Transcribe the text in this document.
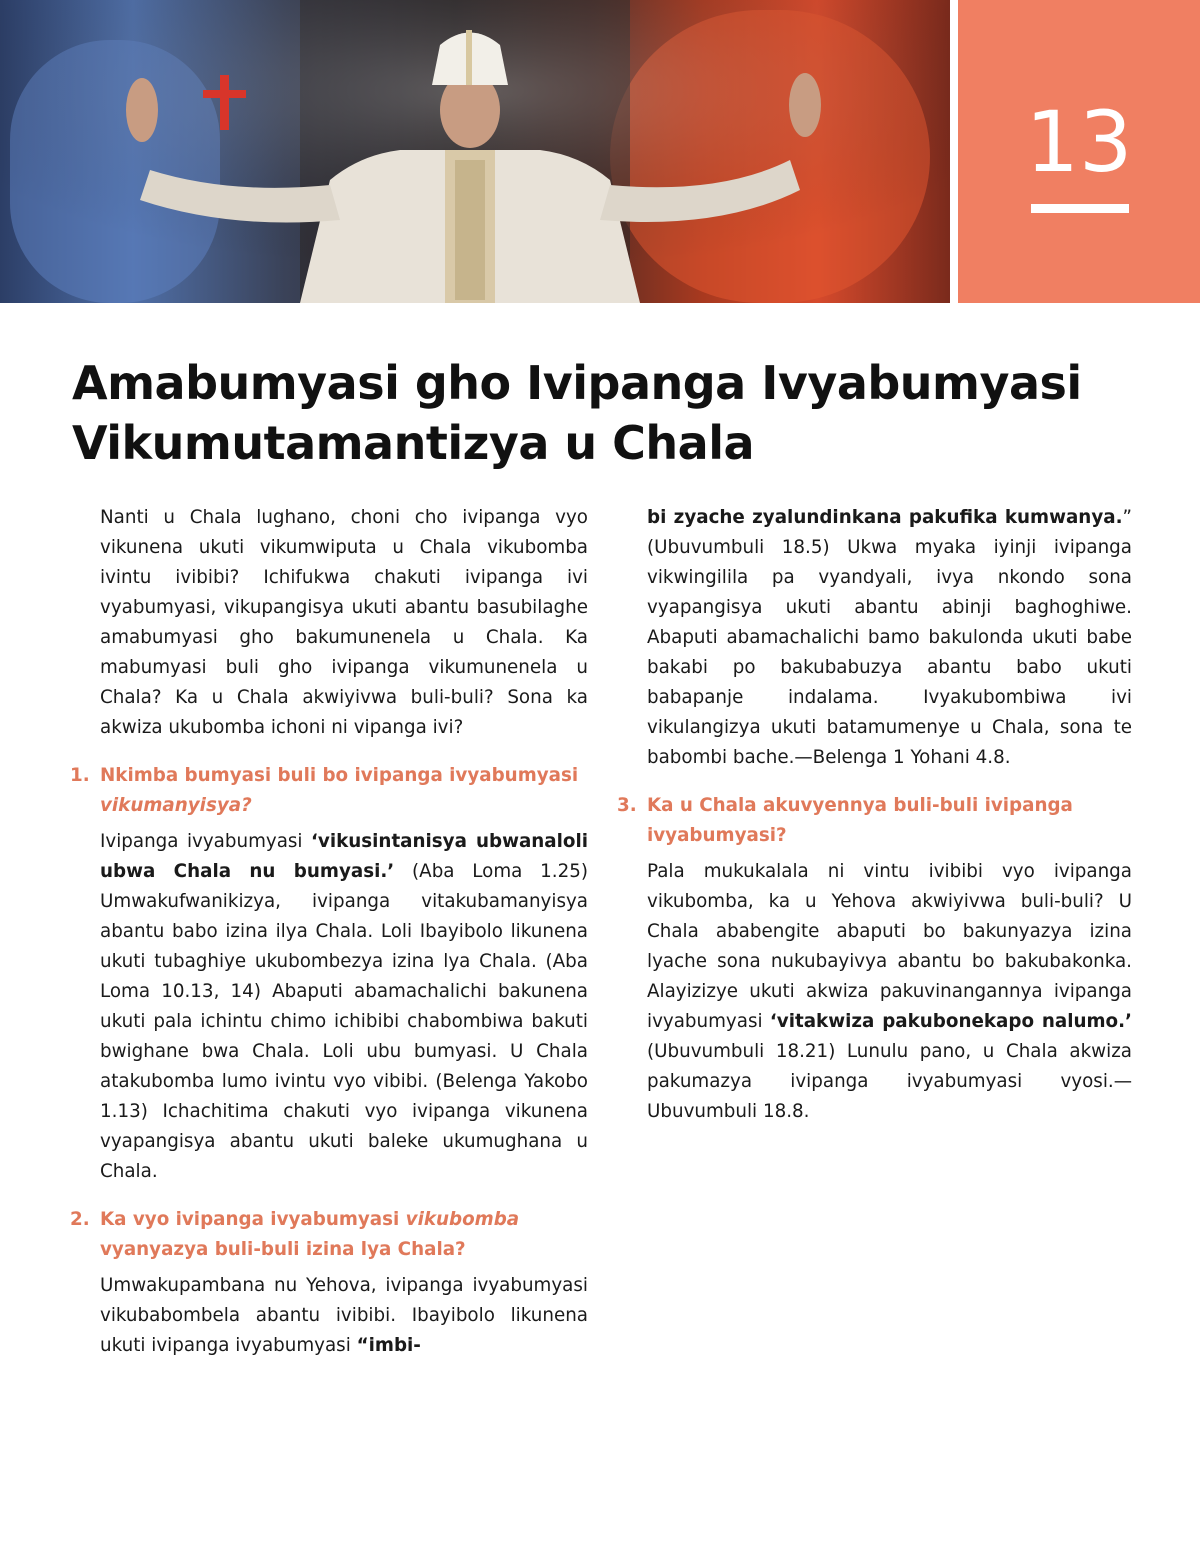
13
Amabumyasi gho Ivipanga Ivyabumyasi
Vikumutamantizya u Chala

Nanti u Chala lughano, choni cho ivipanga vyo vikunena ukuti vikumwiputa u Chala vikubomba ivintu ivibibi? Ichifukwa chakuti ivipanga ivi vyabumyasi, vikupangisya ukuti abantu basubilaghe amabumyasi gho bakumunenela u Chala. Ka mabumyasi buli gho ivipanga vikumunenela u Chala? Ka u Chala akwiyivwa buli-buli? Sona ka akwiza ukubomba ichoni ni vipanga ivi?

1. Nkimba bumyasi buli bo ivipanga ivyabumyasi vikumanyisya?

Ivipanga ivyabumyasi ‘vikusintanisya ubwanaloli ubwa Chala nu bumyasi.’ (Aba Loma 1.25) Umwakufwanikizya, ivipanga vitakubamanyisya abantu babo izina ilya Chala. Loli Ibayibolo likunena ukuti tubaghiye ukubombezya izina lya Chala. (Aba Loma 10.13, 14) Abaputi abamachalichi bakunena ukuti pala ichintu chimo ichibibi chabombiwa bakuti bwighane bwa Chala. Loli ubu bumyasi. U Chala atakubomba lumo ivintu vyo vibibi. (Belenga Yakobo 1.13) Ichachitima chakuti vyo ivipanga vikunena vyapangisya abantu ukuti baleke ukumughana u Chala.

2. Ka vyo ivipanga ivyabumyasi vikubomba vyanyazya buli-buli izina lya Chala?

Umwakupambana nu Yehova, ivipanga ivyabumyasi vikubabombela abantu ivibibi. Ibayibolo likunena ukuti ivipanga ivyabumyasi “imbi-

bi zyache zyalundinkana pakufika kumwanya.” (Ubuvumbuli 18.5) Ukwa myaka iyinji ivipanga vikwingilila pa vyandyali, ivya nkondo sona vyapangisya ukuti abantu abinji baghoghiwe. Abaputi abamachalichi bamo bakulonda ukuti babe bakabi po bakubabuzya abantu babo ukuti babapanje indalama. Ivyakubombiwa ivi vikulangizya ukuti batamumenye u Chala, sona te babombi bache.—Belenga 1 Yohani 4.8.

3. Ka u Chala akuvyennya buli-buli ivipanga ivyabumyasi?

Pala mukukalala ni vintu ivibibi vyo ivipanga vikubomba, ka u Yehova akwiyivwa buli-buli? U Chala ababengite abaputi bo bakunyazya izina lyache sona nukubayivya abantu bo bakubakonka. Alayizizye ukuti akwiza pakuvinangannya ivipanga ivyabumyasi ‘vitakwiza pakubonekapo nalumo.’ (Ubuvumbuli 18.21) Lunulu pano, u Chala akwiza pakumazya ivipanga ivyabumyasi vyosi.—Ubuvumbuli 18.8.
